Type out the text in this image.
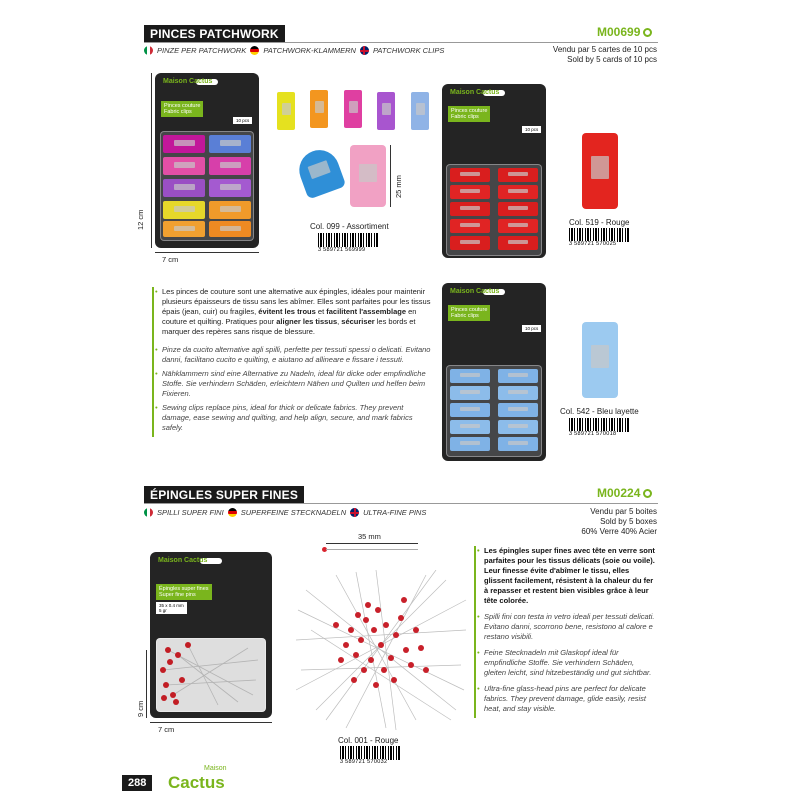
PINCES PATCHWORK	M00699
PINZE PER PATCHWORK PATCHWORK-KLAMMERN PATCHWORK CLIPS	Vendu par 5 cartes de 10 pcs
Sold by 5 cards of 10 pcs
Maison Cactus
Pinces couture
Fabric clips
10 pcs
12 cm
7 cm
25 mm
Col. 099 - Assortiment
3 589721 569999
Maison Cactus
Pinces couture
Fabric clips
10 pcs
Col. 519 - Rouge
3 589721 570025
• Les pinces de couture sont une alternative aux épingles, idéales pour maintenir plusieurs épaisseurs de tissu sans les abîmer. Elles sont parfaites pour les tissus épais (jean, cuir) ou fragiles, évitent les trous et facilitent l'assemblage en couture et quilting. Pratiques pour aligner les tissus, sécuriser les bords et marquer des repères sans risque de blessure.
• Pinze da cucito alternative agli spilli, perfette per tessuti spessi o delicati. Evitano danni, facilitano cucito e quilting, e aiutano ad allineare e fissare i tessuti.
• Nähklammern sind eine Alternative zu Nadeln, ideal für dicke oder empfindliche Stoffe. Sie verhindern Schäden, erleichtern Nähen und Quilten und helfen beim Fixieren.
• Sewing clips replace pins, ideal for thick or delicate fabrics. They prevent damage, ease sewing and quilting, and help align, secure, and mark fabrics safely.
Maison Cactus
Pinces couture
Fabric clips
10 pcs
Col. 542 - Bleu layette
3 589721 570018
ÉPINGLES SUPER FINES	M00224
SPILLI SUPER FINI SUPERFEINE STECKNADELN ULTRA-FINE PINS	Vendu par 5 boites
Sold by 5 boxes
60% Verre 40% Acier
Maison Cactus
Épingles super fines
Super fine pins
35 x 0.4 mm
5 gr
9 cm
7 cm
35 mm
Col. 001 - Rouge
3 589721 570032
• Les épingles super fines avec tête en verre sont parfaites pour les tissus délicats (soie ou voile). Leur finesse évite d'abîmer le tissu, elles glissent facilement, résistent à la chaleur du fer à repasser et restent bien visibles grâce à leur tête colorée.
• Spilli fini con testa in vetro ideali per tessuti delicati. Evitano danni, scorrono bene, resistono al calore e restano visibili.
• Feine Stecknadeln mit Glaskopf ideal für empfindliche Stoffe. Sie verhindern Schäden, gleiten leicht, sind hitzebeständig und gut sichtbar.
• Ultra-fine glass-head pins are perfect for delicate fabrics. They prevent damage, glide easily, resist heat, and stay visible.
288
Maison
Cactus
